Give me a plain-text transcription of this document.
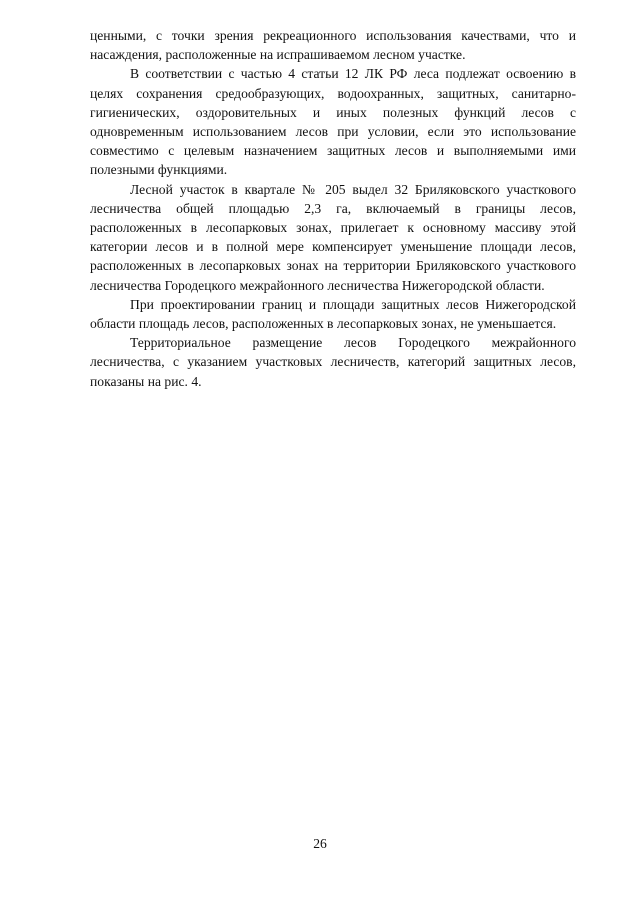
ценными, с точки зрения рекреационного использования качествами, что и насаждения, расположенные на испрашиваемом лесном участке.

В соответствии с частью 4 статьи 12 ЛК РФ леса подлежат освоению в целях сохранения средообразующих, водоохранных, защитных, санитарно-гигиенических, оздоровительных и иных полезных функций лесов с одновременным использованием лесов при условии, если это использование совместимо с целевым назначением защитных лесов и выполняемыми ими полезными функциями.

Лесной участок в квартале № 205 выдел 32 Бриляковского участкового лесничества общей площадью 2,3 га, включаемый в границы лесов, расположенных в лесопарковых зонах, прилегает к основному массиву этой категории лесов и в полной мере компенсирует уменьшение площади лесов, расположенных в лесопарковых зонах на территории Бриляковского участкового лесничества Городецкого межрайонного лесничества Нижегородской области.

При проектировании границ и площади защитных лесов Нижегородской области площадь лесов, расположенных в лесопарковых зонах, не уменьшается.

Территориальное размещение лесов Городецкого межрайонного лесничества, с указанием участковых лесничеств, категорий защитных лесов, показаны на рис. 4.

26
